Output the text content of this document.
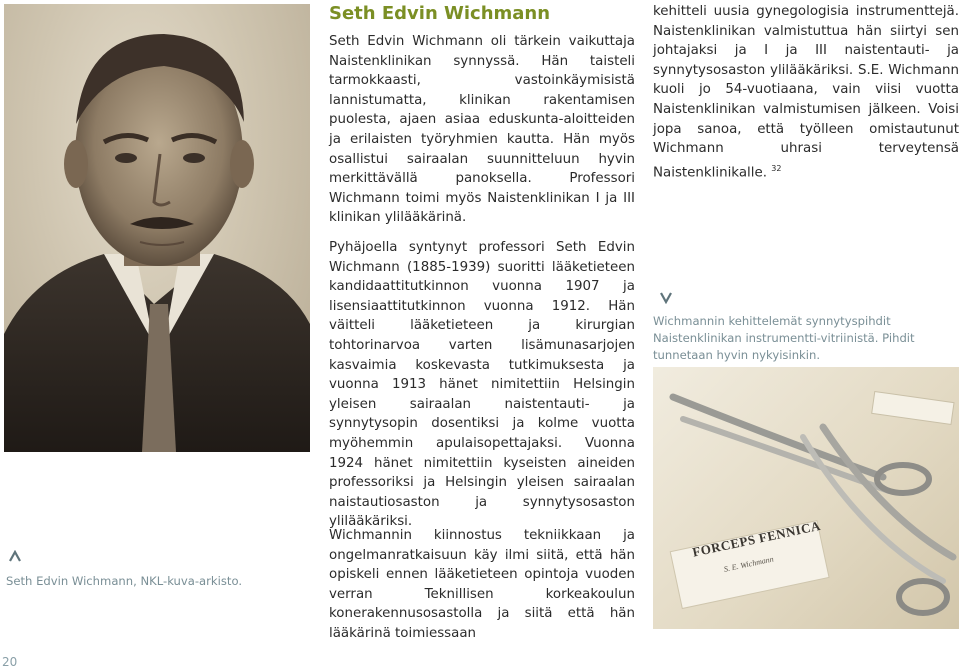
Seth Edvin Wichmann
Seth Edvin Wichmann oli tärkein vaikuttaja Naistenklinikan synnyssä. Hän taisteli tarmokkaasti, vastoinkäymisistä lannistumatta, klinikan rakentamisen puolesta, ajaen asiaa eduskunta-aloitteiden ja erilaisten työryhmien kautta. Hän myös osallistui sairaalan suunnitteluun hyvin merkittävällä panoksella. Professori Wichmann toimi myös Naistenklinikan I ja III klinikan ylilääkärinä.
Pyhäjoella syntynyt professori Seth Edvin Wichmann (1885-1939) suoritti lääketieteen kandidaattitutkinnon vuonna 1907 ja lisensiaattitutkinnon vuonna 1912. Hän väitteli lääketieteen ja kirurgian tohtorinarvoa varten lisämunasarjojen kasvaimia koskevasta tutkimuksesta ja vuonna 1913 hänet nimitettiin Helsingin yleisen sairaalan naistentauti- ja synnytysopin dosentiksi ja kolme vuotta myöhemmin apulaisopettajaksi. Vuonna 1924 hänet nimitettiin kyseisten aineiden professoriksi ja Helsingin yleisen sairaalan naistautiosaston ja synnytysosaston ylilääkäriksi.
Wichmannin kiinnostus tekniikkaan ja ongelmanratkaisuun käy ilmi siitä, että hän opiskeli ennen lääketieteen opintoja vuoden verran Teknillisen korkeakoulun konerakennusosastolla ja siitä että hän lääkärinä toimiessaan
kehitteli uusia gynegologisia instrumenttejä. Naistenklinikan valmistuttua hän siirtyi sen johtajaksi ja I ja III naistentauti- ja synnytysosaston ylilääkäriksi. S.E. Wichmann kuoli jo 54-vuotiaana, vain viisi vuotta Naistenklinikan valmistumisen jälkeen. Voisi jopa sanoa, että työlleen omistautunut Wichmann uhrasi terveytensä Naistenklinikalle. $^{32}$
Seth Edvin Wichmann, NKL-kuva-arkisto.
Wichmannin kehittelemät synnytyspihdit Naistenklinikan instrumentti-vitriinistä. Pihdit tunnetaan hyvin nykyisinkin.
FORCEPS FENNICA
S. E. Wichmann
20
